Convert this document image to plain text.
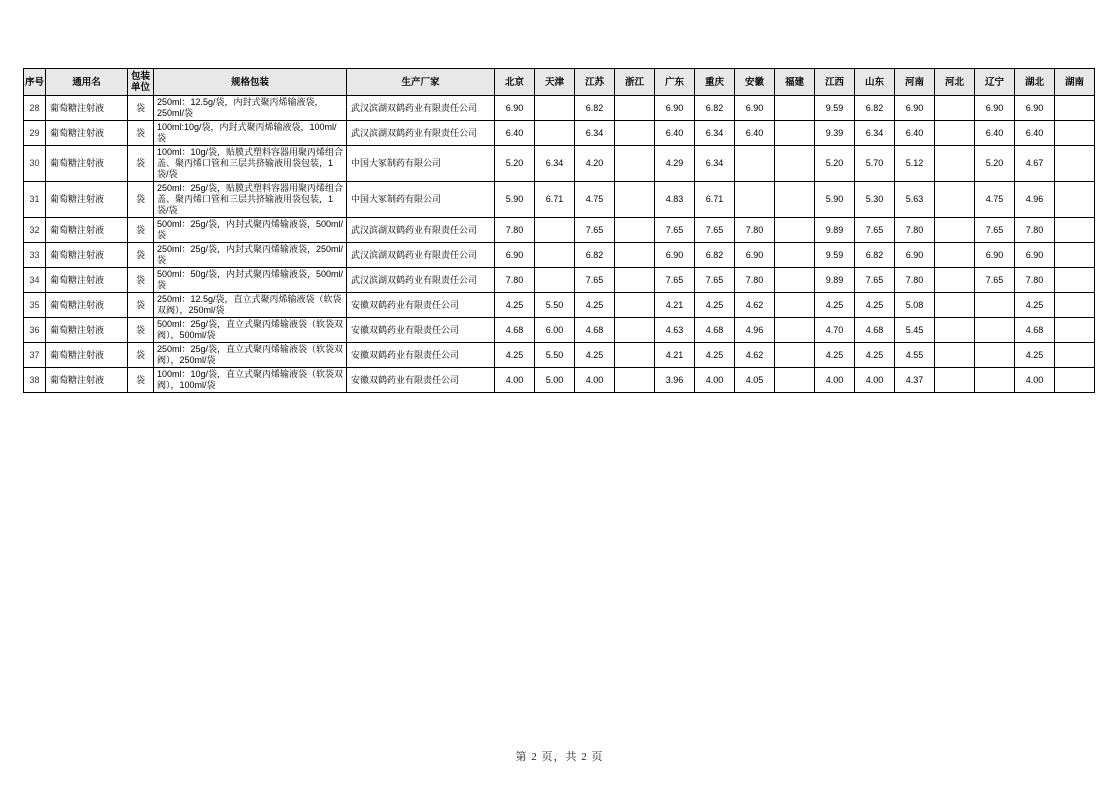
序号	通用名	包装单位	规格包装	生产厂家	北京	天津	江苏	浙江	广东	重庆	安徽	福建	江西	山东	河南	河北	辽宁	湖北	湖南
28	葡萄糖注射液	袋	250ml：12.5g/袋，内封式聚丙烯输液袋，250ml/袋	武汉滨湖双鹤药业有限责任公司	6.90		6.82		6.90	6.82	6.90		9.59	6.82	6.90		6.90	6.90	
29	葡萄糖注射液	袋	100ml:10g/袋，内封式聚丙烯输液袋，100ml/袋	武汉滨湖双鹤药业有限责任公司	6.40		6.34		6.40	6.34	6.40		9.39	6.34	6.40		6.40	6.40	
30	葡萄糖注射液	袋	100ml：10g/袋，贴膜式塑料容器用聚丙烯组合盖、聚丙烯口管和三层共挤输液用袋包装，1袋/袋	中国大冢制药有限公司	5.20	6.34	4.20		4.29	6.34			5.20	5.70	5.12		5.20	4.67	
31	葡萄糖注射液	袋	250ml：25g/袋，贴膜式塑料容器用聚丙烯组合盖、聚丙烯口管和三层共挤输液用袋包装，1袋/袋	中国大冢制药有限公司	5.90	6.71	4.75		4.83	6.71			5.90	5.30	5.63		4.75	4.96	
32	葡萄糖注射液	袋	500ml：25g/袋，内封式聚丙烯输液袋，500ml/袋	武汉滨湖双鹤药业有限责任公司	7.80		7.65		7.65	7.65	7.80		9.89	7.65	7.80		7.65	7.80	
33	葡萄糖注射液	袋	250ml：25g/袋，内封式聚丙烯输液袋，250ml/袋	武汉滨湖双鹤药业有限责任公司	6.90		6.82		6.90	6.82	6.90		9.59	6.82	6.90		6.90	6.90	
34	葡萄糖注射液	袋	500ml：50g/袋，内封式聚丙烯输液袋，500ml/袋	武汉滨湖双鹤药业有限责任公司	7.80		7.65		7.65	7.65	7.80		9.89	7.65	7.80		7.65	7.80	
35	葡萄糖注射液	袋	250ml：12.5g/袋，直立式聚丙烯输液袋（软袋双阀），250ml/袋	安徽双鹤药业有限责任公司	4.25	5.50	4.25		4.21	4.25	4.62		4.25	4.25	5.08			4.25	
36	葡萄糖注射液	袋	500ml：25g/袋，直立式聚丙烯输液袋（软袋双阀），500ml/袋	安徽双鹤药业有限责任公司	4.68	6.00	4.68		4.63	4.68	4.96		4.70	4.68	5.45			4.68	
37	葡萄糖注射液	袋	250ml：25g/袋，直立式聚丙烯输液袋（软袋双阀），250ml/袋	安徽双鹤药业有限责任公司	4.25	5.50	4.25		4.21	4.25	4.62		4.25	4.25	4.55			4.25	
38	葡萄糖注射液	袋	100ml：10g/袋，直立式聚丙烯输液袋（软袋双阀），100ml/袋	安徽双鹤药业有限责任公司	4.00	5.00	4.00		3.96	4.00	4.05		4.00	4.00	4.37			4.00	
第 2 页，共 2 页
